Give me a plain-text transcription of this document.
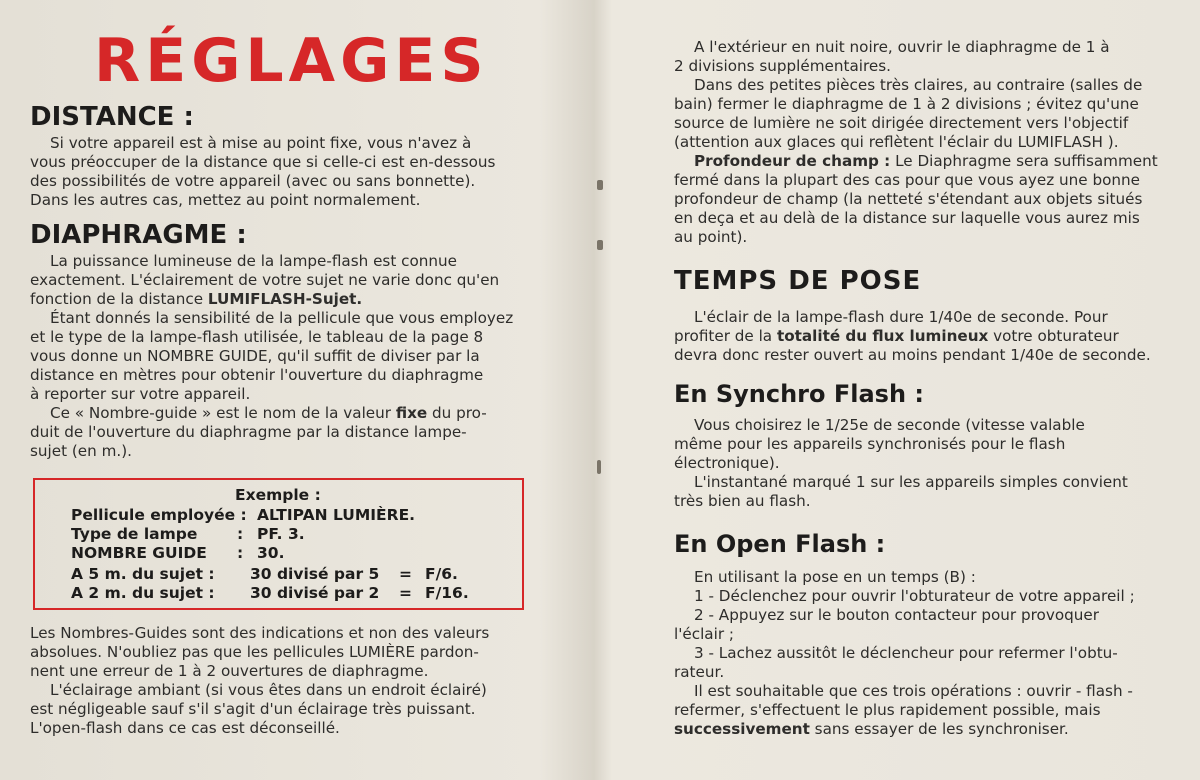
RÉGLAGES
DISTANCE :
Si votre appareil est à mise au point fixe, vous n'avez à
vous préoccuper de la distance que si celle-ci est en-dessous
des possibilités de votre appareil (avec ou sans bonnette).
Dans les autres cas, mettez au point normalement.
DIAPHRAGME :
La puissance lumineuse de la lampe-flash est connue
exactement. L'éclairement de votre sujet ne varie donc qu'en
fonction de la distance LUMIFLASH-Sujet.
Étant donnés la sensibilité de la pellicule que vous employez
et le type de la lampe-flash utilisée, le tableau de la page 8
vous donne un NOMBRE GUIDE, qu'il suffit de diviser par la
distance en mètres pour obtenir l'ouverture du diaphragme
à reporter sur votre appareil.
Ce « Nombre-guide » est le nom de la valeur fixe du pro-
duit de l'ouverture du diaphragme par la distance lampe-
sujet (en m.).
Exemple :
Pellicule employée : ALTIPAN LUMIÈRE.
Type de lampe	: PF. 3.
NOMBRE GUIDE : 30.
A 5 m. du sujet : 30 divisé par 5 = F/6.
A 2 m. du sujet : 30 divisé par 2 = F/16.
Les Nombres-Guides sont des indications et non des valeurs
absolues. N'oubliez pas que les pellicules LUMIÈRE pardon-
nent une erreur de 1 à 2 ouvertures de diaphragme.
L'éclairage ambiant (si vous êtes dans un endroit éclairé)
est négligeable sauf s'il s'agit d'un éclairage très puissant.
L'open-flash dans ce cas est déconseillé.
A l'extérieur en nuit noire, ouvrir le diaphragme de 1 à
2 divisions supplémentaires.
Dans des petites pièces très claires, au contraire (salles de
bain) fermer le diaphragme de 1 à 2 divisions ; évitez qu'une
source de lumière ne soit dirigée directement vers l'objectif
(attention aux glaces qui reflètent l'éclair du LUMIFLASH ).
Profondeur de champ : Le Diaphragme sera suffisamment
fermé dans la plupart des cas pour que vous ayez une bonne
profondeur de champ (la netteté s'étendant aux objets situés
en deça et au delà de la distance sur laquelle vous aurez mis
au point).
TEMPS DE POSE
L'éclair de la lampe-flash dure 1/40e de seconde. Pour
profiter de la totalité du flux lumineux votre obturateur
devra donc rester ouvert au moins pendant 1/40e de seconde.
En Synchro Flash :
Vous choisirez le 1/25e de seconde (vitesse valable
même pour les appareils synchronisés pour le flash
électronique).
L'instantané marqué 1 sur les appareils simples convient
très bien au flash.
En Open Flash :
En utilisant la pose en un temps (B) :
1 - Déclenchez pour ouvrir l'obturateur de votre appareil ;
2 - Appuyez sur le bouton contacteur pour provoquer
l'éclair ;
3 - Lachez aussitôt le déclencheur pour refermer l'obtu-
rateur.
Il est souhaitable que ces trois opérations : ouvrir - flash -
refermer, s'effectuent le plus rapidement possible, mais
successivement sans essayer de les synchroniser.
